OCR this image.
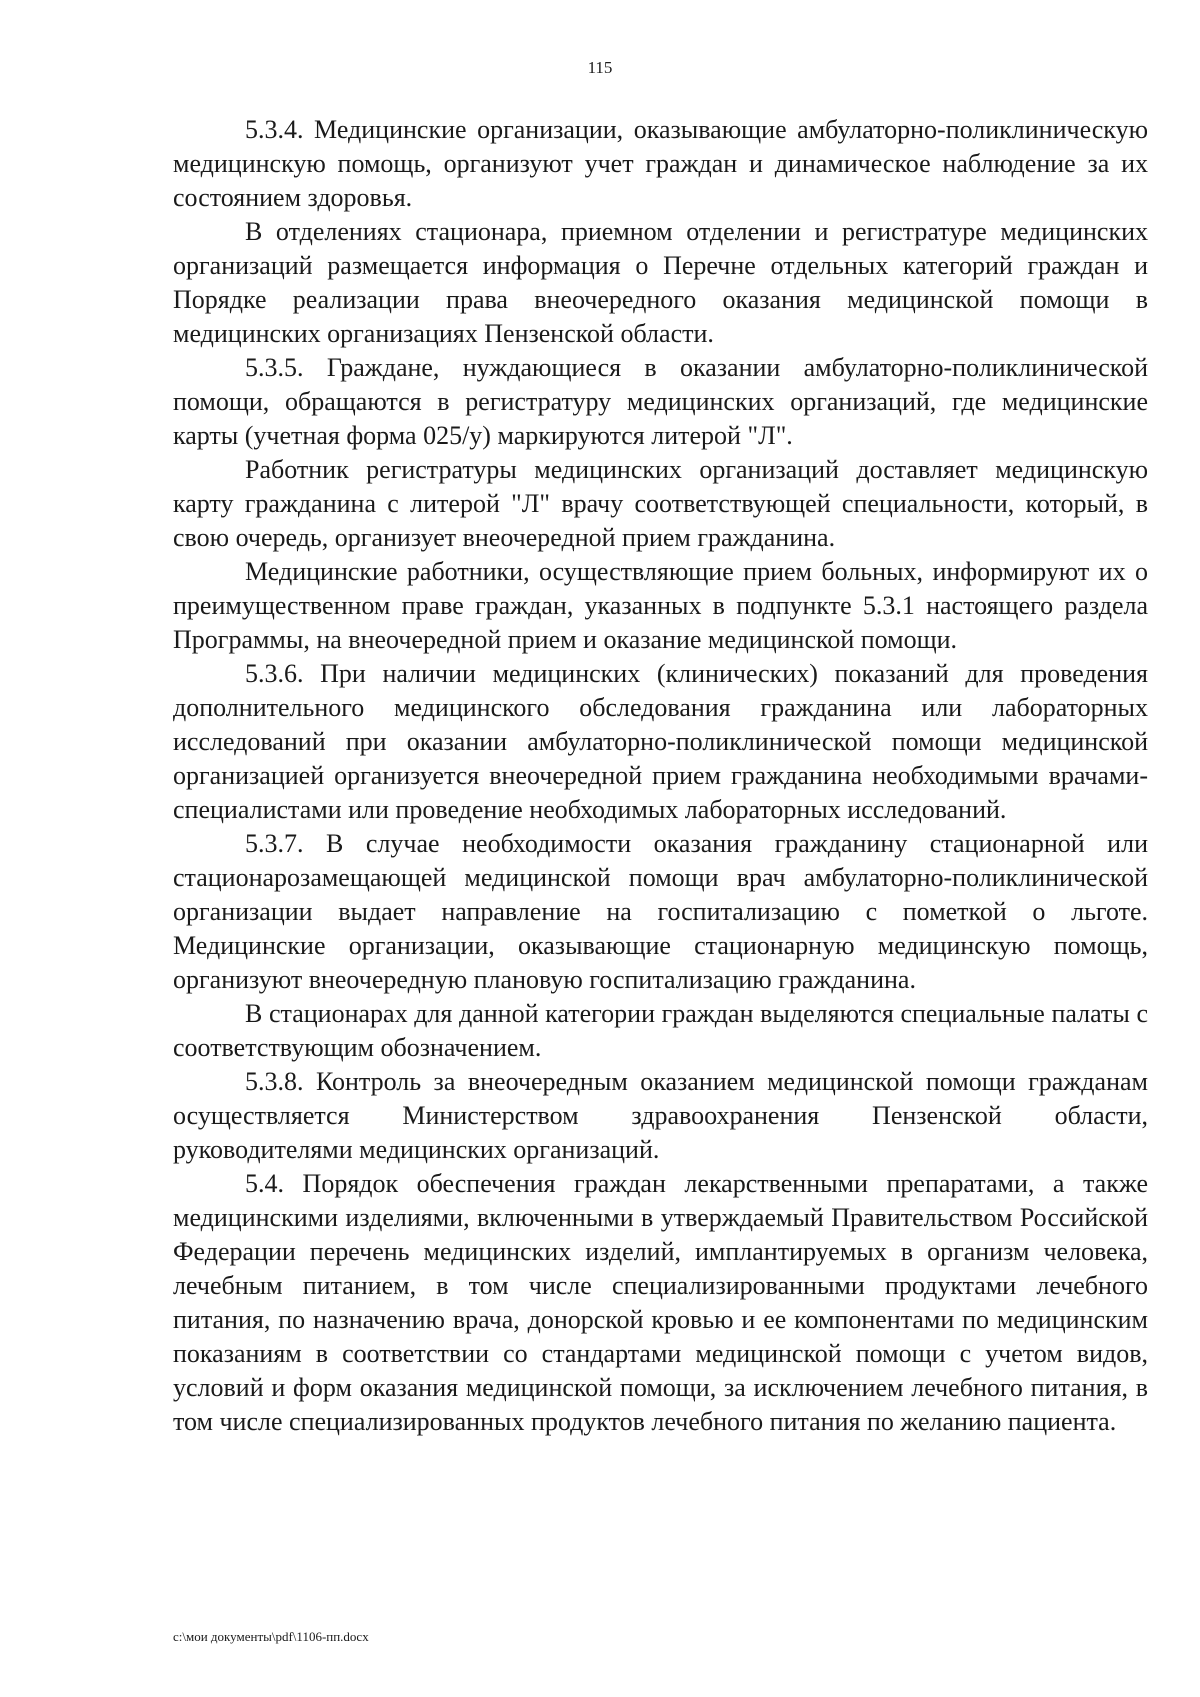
115

5.3.4. Медицинские организации, оказывающие амбулаторно-поликлиническую медицинскую помощь, организуют учет граждан и динамическое наблюдение за их состоянием здоровья.

В отделениях стационара, приемном отделении и регистратуре медицинских организаций размещается информация о Перечне отдельных категорий граждан и Порядке реализации права внеочередного оказания медицинской помощи в медицинских организациях Пензенской области.

5.3.5. Граждане, нуждающиеся в оказании амбулаторно-поликлинической помощи, обращаются в регистратуру медицинских организаций, где медицинские карты (учетная форма 025/у) маркируются литерой "Л".

Работник регистратуры медицинских организаций доставляет медицинскую карту гражданина с литерой "Л" врачу соответствующей специальности, который, в свою очередь, организует внеочередной прием гражданина.

Медицинские работники, осуществляющие прием больных, информируют их о преимущественном праве граждан, указанных в подпункте 5.3.1 настоящего раздела Программы, на внеочередной прием и оказание медицинской помощи.

5.3.6. При наличии медицинских (клинических) показаний для проведения дополнительного медицинского обследования гражданина или лабораторных исследований при оказании амбулаторно-поликлинической помощи медицинской организацией организуется внеочередной прием гражданина необходимыми врачами-специалистами или проведение необходимых лабораторных исследований.

5.3.7. В случае необходимости оказания гражданину стационарной или стационарозамещающей медицинской помощи врач амбулаторно-поликлинической организации выдает направление на госпитализацию с пометкой о льготе. Медицинские организации, оказывающие стационарную медицинскую помощь, организуют внеочередную плановую госпитализацию гражданина.

В стационарах для данной категории граждан выделяются специальные палаты с соответствующим обозначением.

5.3.8. Контроль за внеочередным оказанием медицинской помощи гражданам осуществляется Министерством здравоохранения Пензенской области, руководителями медицинских организаций.

5.4. Порядок обеспечения граждан лекарственными препаратами, а также медицинскими изделиями, включенными в утверждаемый Правительством Российской Федерации перечень медицинских изделий, имплантируемых в организм человека, лечебным питанием, в том числе специализированными продуктами лечебного питания, по назначению врача, донорской кровью и ее компонентами по медицинским показаниям в соответствии со стандартами медицинской помощи с учетом видов, условий и форм оказания медицинской помощи, за исключением лечебного питания, в том числе специализированных продуктов лечебного питания по желанию пациента.

c:\мои документы\pdf\1106-пп.docx
